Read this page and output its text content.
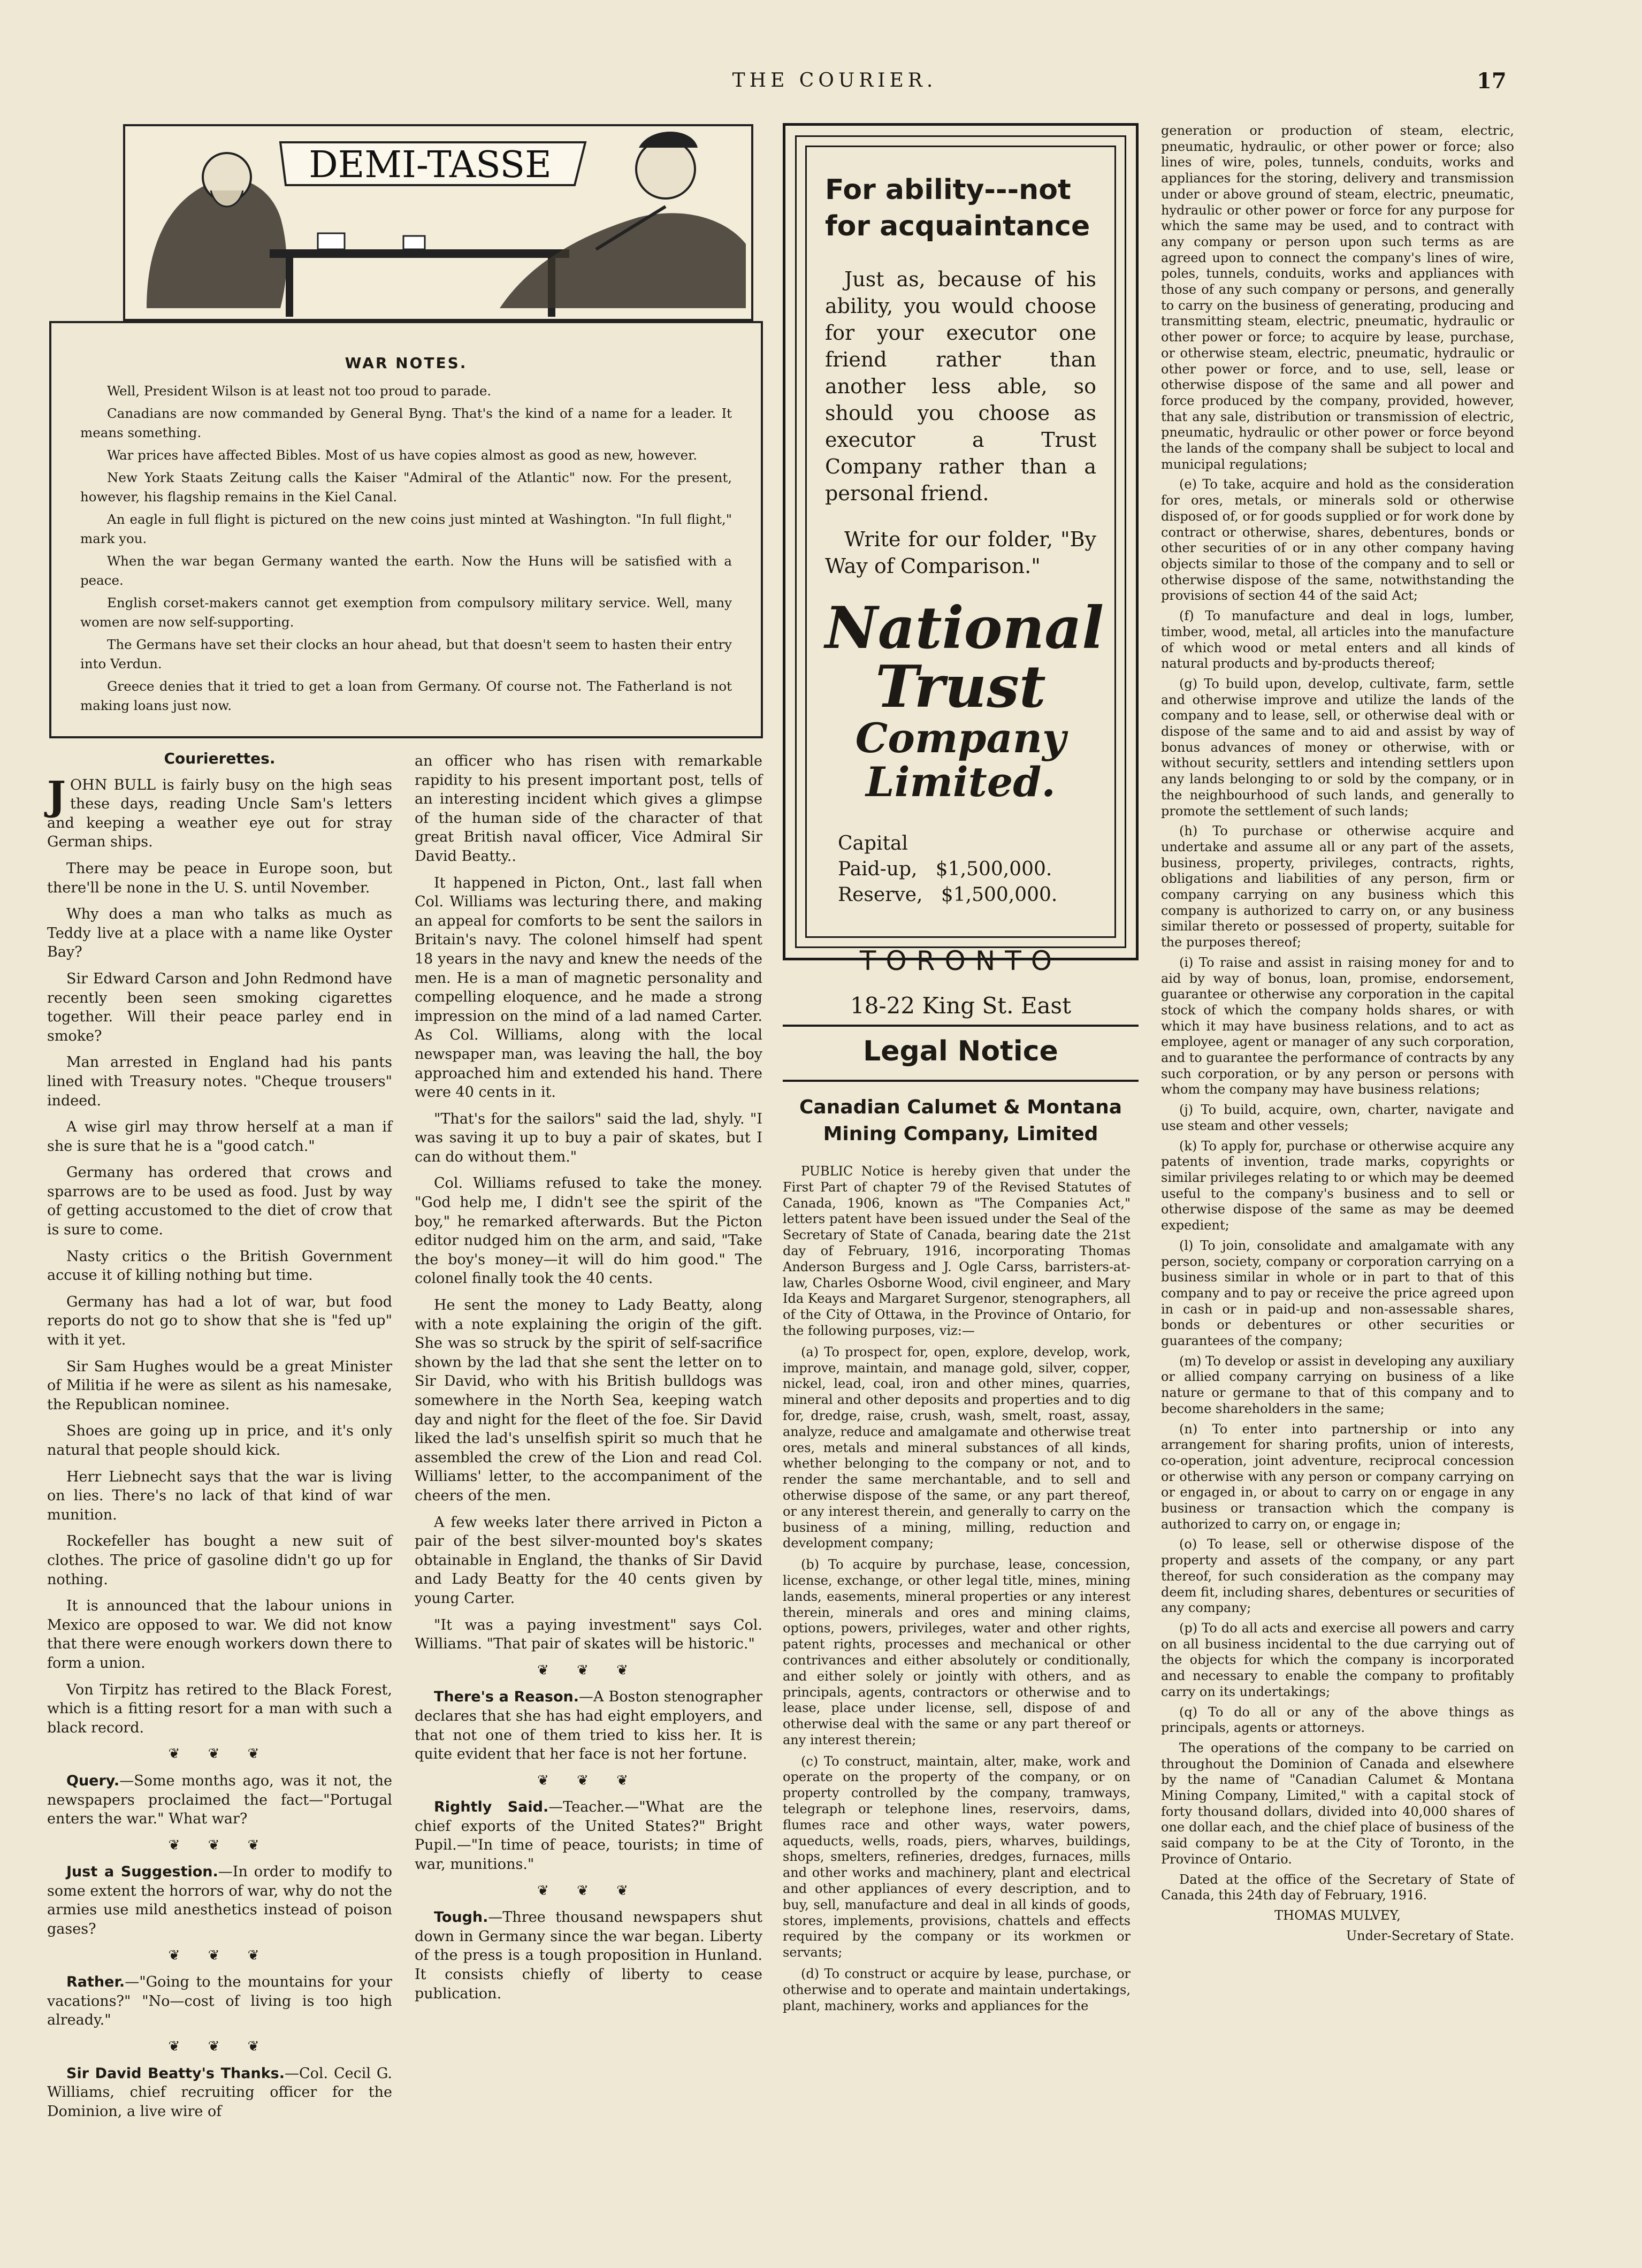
THE COURIER.	17
DEMI-TASSE
WAR NOTES.

Well, President Wilson is at least not too proud to parade.

Canadians are now commanded by General Byng. That's the kind of a name for a leader. It means something.

War prices have affected Bibles. Most of us have copies almost as good as new, however.

New York Staats Zeitung calls the Kaiser "Admiral of the Atlantic" now. For the present, however, his flagship remains in the Kiel Canal.

An eagle in full flight is pictured on the new coins just minted at Washington. "In full flight," mark you.

When the war began Germany wanted the earth. Now the Huns will be satisfied with a peace.

English corset-makers cannot get exemption from compulsory military service. Well, many women are now self-supporting.

The Germans have set their clocks an hour ahead, but that doesn't seem to hasten their entry into Verdun.

Greece denies that it tried to get a loan from Germany. Of course not. The Fatherland is not making loans just now.

Courierettes.

JOHN BULL is fairly busy on the high seas these days, reading Uncle Sam's letters and keeping a weather eye out for stray German ships.

There may be peace in Europe soon, but there'll be none in the U. S. until November.

Why does a man who talks as much as Teddy live at a place with a name like Oyster Bay?

Sir Edward Carson and John Redmond have recently been seen smoking cigarettes together. Will their peace parley end in smoke?

Man arrested in England had his pants lined with Treasury notes. "Cheque trousers" indeed.

A wise girl may throw herself at a man if she is sure that he is a "good catch."

Germany has ordered that crows and sparrows are to be used as food. Just by way of getting accustomed to the diet of crow that is sure to come.

Nasty critics o the British Government accuse it of killing nothing but time.

Germany has had a lot of war, but food reports do not go to show that she is "fed up" with it yet.

Sir Sam Hughes would be a great Minister of Militia if he were as silent as his namesake, the Republican nominee.

Shoes are going up in price, and it's only natural that people should kick.

Herr Liebnecht says that the war is living on lies. There's no lack of that kind of war munition.

Rockefeller has bought a new suit of clothes. The price of gasoline didn't go up for nothing.

It is announced that the labour unions in Mexico are opposed to war. We did not know that there were enough workers down there to form a union.

Von Tirpitz has retired to the Black Forest, which is a fitting resort for a man with such a black record.

❦ ❦ ❦

Query.—Some months ago, was it not, the newspapers proclaimed the fact—"Portugal enters the war." What war?

❦ ❦ ❦

Just a Suggestion.—In order to modify to some extent the horrors of war, why do not the armies use mild anesthetics instead of poison gases?

❦ ❦ ❦

Rather.—"Going to the mountains for your vacations?" "No—cost of living is too high already."

❦ ❦ ❦

Sir David Beatty's Thanks.—Col. Cecil G. Williams, chief recruiting officer for the Dominion, a live wire of

an officer who has risen with remarkable rapidity to his present important post, tells of an interesting incident which gives a glimpse of the human side of the character of that great British naval officer, Vice Admiral Sir David Beatty..

It happened in Picton, Ont., last fall when Col. Williams was lecturing there, and making an appeal for comforts to be sent the sailors in Britain's navy. The colonel himself had spent 18 years in the navy and knew the needs of the men. He is a man of magnetic personality and compelling eloquence, and he made a strong impression on the mind of a lad named Carter. As Col. Williams, along with the local newspaper man, was leaving the hall, the boy approached him and extended his hand. There were 40 cents in it.

"That's for the sailors" said the lad, shyly. "I was saving it up to buy a pair of skates, but I can do without them."

Col. Williams refused to take the money. "God help me, I didn't see the spirit of the boy," he remarked afterwards. But the Picton editor nudged him on the arm, and said, "Take the boy's money—it will do him good." The colonel finally took the 40 cents.

He sent the money to Lady Beatty, along with a note explaining the origin of the gift. She was so struck by the spirit of self-sacrifice shown by the lad that she sent the letter on to Sir David, who with his British bulldogs was somewhere in the North Sea, keeping watch day and night for the fleet of the foe. Sir David liked the lad's unselfish spirit so much that he assembled the crew of the Lion and read Col. Williams' letter, to the accompaniment of the cheers of the men.

A few weeks later there arrived in Picton a pair of the best silver-mounted boy's skates obtainable in England, the thanks of Sir David and Lady Beatty for the 40 cents given by young Carter.

"It was a paying investment" says Col. Williams. "That pair of skates will be historic."

❦ ❦ ❦

There's a Reason.—A Boston stenographer declares that she has had eight employers, and that not one of them tried to kiss her. It is quite evident that her face is not her fortune.

❦ ❦ ❦

Rightly Said.—Teacher.—"What are the chief exports of the United States?" Bright Pupil.—"In time of peace, tourists; in time of war, munitions."

❦ ❦ ❦

Tough.—Three thousand newspapers shut down in Germany since the war began. Liberty of the press is a tough proposition in Hunland. It consists chiefly of liberty to cease publication.

For ability---not for acquaintance
Just as, because of his ability, you would choose for your executor one friend rather than another less able, so should you choose as executor a Trust Company rather than a personal friend.
Write for our folder, "By Way of Comparison."
National Trust
Company Limited.
Capital
Paid-up,   $1,500,000.
Reserve,   $1,500,000.
TORONTO
18-22 King St. East
Legal Notice
Canadian Calumet & Montana Mining Company, Limited

PUBLIC Notice is hereby given that under the First Part of chapter 79 of the Revised Statutes of Canada, 1906, known as "The Companies Act," letters patent have been issued under the Seal of the Secretary of State of Canada, bearing date the 21st day of February, 1916, incorporating Thomas Anderson Burgess and J. Ogle Carss, barristers-at-law, Charles Osborne Wood, civil engineer, and Mary Ida Keays and Margaret Surgenor, stenographers, all of the City of Ottawa, in the Province of Ontario, for the following purposes, viz:—

(a) To prospect for, open, explore, develop, work, improve, maintain, and manage gold, silver, copper, nickel, lead, coal, iron and other mines, quarries, mineral and other deposits and properties and to dig for, dredge, raise, crush, wash, smelt, roast, assay, analyze, reduce and amalgamate and otherwise treat ores, metals and mineral substances of all kinds, whether belonging to the company or not, and to render the same merchantable, and to sell and otherwise dispose of the same, or any part thereof, or any interest therein, and generally to carry on the business of a mining, milling, reduction and development company;

(b) To acquire by purchase, lease, concession, license, exchange, or other legal title, mines, mining lands, easements, mineral properties or any interest therein, minerals and ores and mining claims, options, powers, privileges, water and other rights, patent rights, processes and mechanical or other contrivances and either absolutely or conditionally, and either solely or jointly with others, and as principals, agents, contractors or otherwise and to lease, place under license, sell, dispose of and otherwise deal with the same or any part thereof or any interest therein;

(c) To construct, maintain, alter, make, work and operate on the property of the company, or on property controlled by the company, tramways, telegraph or telephone lines, reservoirs, dams, flumes race and other ways, water powers, aqueducts, wells, roads, piers, wharves, buildings, shops, smelters, refineries, dredges, furnaces, mills and other works and machinery, plant and electrical and other appliances of every description, and to buy, sell, manufacture and deal in all kinds of goods, stores, implements, provisions, chattels and effects required by the company or its workmen or servants;

(d) To construct or acquire by lease, purchase, or otherwise and to operate and maintain undertakings, plant, machinery, works and appliances for the

generation or production of steam, electric, pneumatic, hydraulic, or other power or force; also lines of wire, poles, tunnels, conduits, works and appliances for the storing, delivery and transmission under or above ground of steam, electric, pneumatic, hydraulic or other power or force for any purpose for which the same may be used, and to contract with any company or person upon such terms as are agreed upon to connect the company's lines of wire, poles, tunnels, conduits, works and appliances with those of any such company or persons, and generally to carry on the business of generating, producing and transmitting steam, electric, pneumatic, hydraulic or other power or force; to acquire by lease, purchase, or otherwise steam, electric, pneumatic, hydraulic or other power or force, and to use, sell, lease or otherwise dispose of the same and all power and force produced by the company, provided, however, that any sale, distribution or transmission of electric, pneumatic, hydraulic or other power or force beyond the lands of the company shall be subject to local and municipal regulations;

(e) To take, acquire and hold as the consideration for ores, metals, or minerals sold or otherwise disposed of, or for goods supplied or for work done by contract or otherwise, shares, debentures, bonds or other securities of or in any other company having objects similar to those of the company and to sell or otherwise dispose of the same, notwithstanding the provisions of section 44 of the said Act;

(f) To manufacture and deal in logs, lumber, timber, wood, metal, all articles into the manufacture of which wood or metal enters and all kinds of natural products and by-products thereof;

(g) To build upon, develop, cultivate, farm, settle and otherwise improve and utilize the lands of the company and to lease, sell, or otherwise deal with or dispose of the same and to aid and assist by way of bonus advances of money or otherwise, with or without security, settlers and intending settlers upon any lands belonging to or sold by the company, or in the neighbourhood of such lands, and generally to promote the settlement of such lands;

(h) To purchase or otherwise acquire and undertake and assume all or any part of the assets, business, property, privileges, contracts, rights, obligations and liabilities of any person, firm or company carrying on any business which this company is authorized to carry on, or any business similar thereto or possessed of property, suitable for the purposes thereof;

(i) To raise and assist in raising money for and to aid by way of bonus, loan, promise, endorsement, guarantee or otherwise any corporation in the capital stock of which the company holds shares, or with which it may have business relations, and to act as employee, agent or manager of any such corporation, and to guarantee the performance of contracts by any such corporation, or by any person or persons with whom the company may have business relations;

(j) To build, acquire, own, charter, navigate and use steam and other vessels;

(k) To apply for, purchase or otherwise acquire any patents of invention, trade marks, copyrights or similar privileges relating to or which may be deemed useful to the company's business and to sell or otherwise dispose of the same as may be deemed expedient;

(l) To join, consolidate and amalgamate with any person, society, company or corporation carrying on a business similar in whole or in part to that of this company and to pay or receive the price agreed upon in cash or in paid-up and non-assessable shares, bonds or debentures or other securities or guarantees of the company;

(m) To develop or assist in developing any auxiliary or allied company carrying on business of a like nature or germane to that of this company and to become shareholders in the same;

(n) To enter into partnership or into any arrangement for sharing profits, union of interests, co-operation, joint adventure, reciprocal concession or otherwise with any person or company carrying on or engaged in, or about to carry on or engage in any business or transaction which the company is authorized to carry on, or engage in;

(o) To lease, sell or otherwise dispose of the property and assets of the company, or any part thereof, for such consideration as the company may deem fit, including shares, debentures or securities of any company;

(p) To do all acts and exercise all powers and carry on all business incidental to the due carrying out of the objects for which the company is incorporated and necessary to enable the company to profitably carry on its undertakings;

(q) To do all or any of the above things as principals, agents or attorneys.

The operations of the company to be carried on throughout the Dominion of Canada and elsewhere by the name of "Canadian Calumet & Montana Mining Company, Limited," with a capital stock of forty thousand dollars, divided into 40,000 shares of one dollar each, and the chief place of business of the said company to be at the City of Toronto, in the Province of Ontario.

Dated at the office of the Secretary of State of Canada, this 24th day of February, 1916.

THOMAS MULVEY,

Under-Secretary of State.
